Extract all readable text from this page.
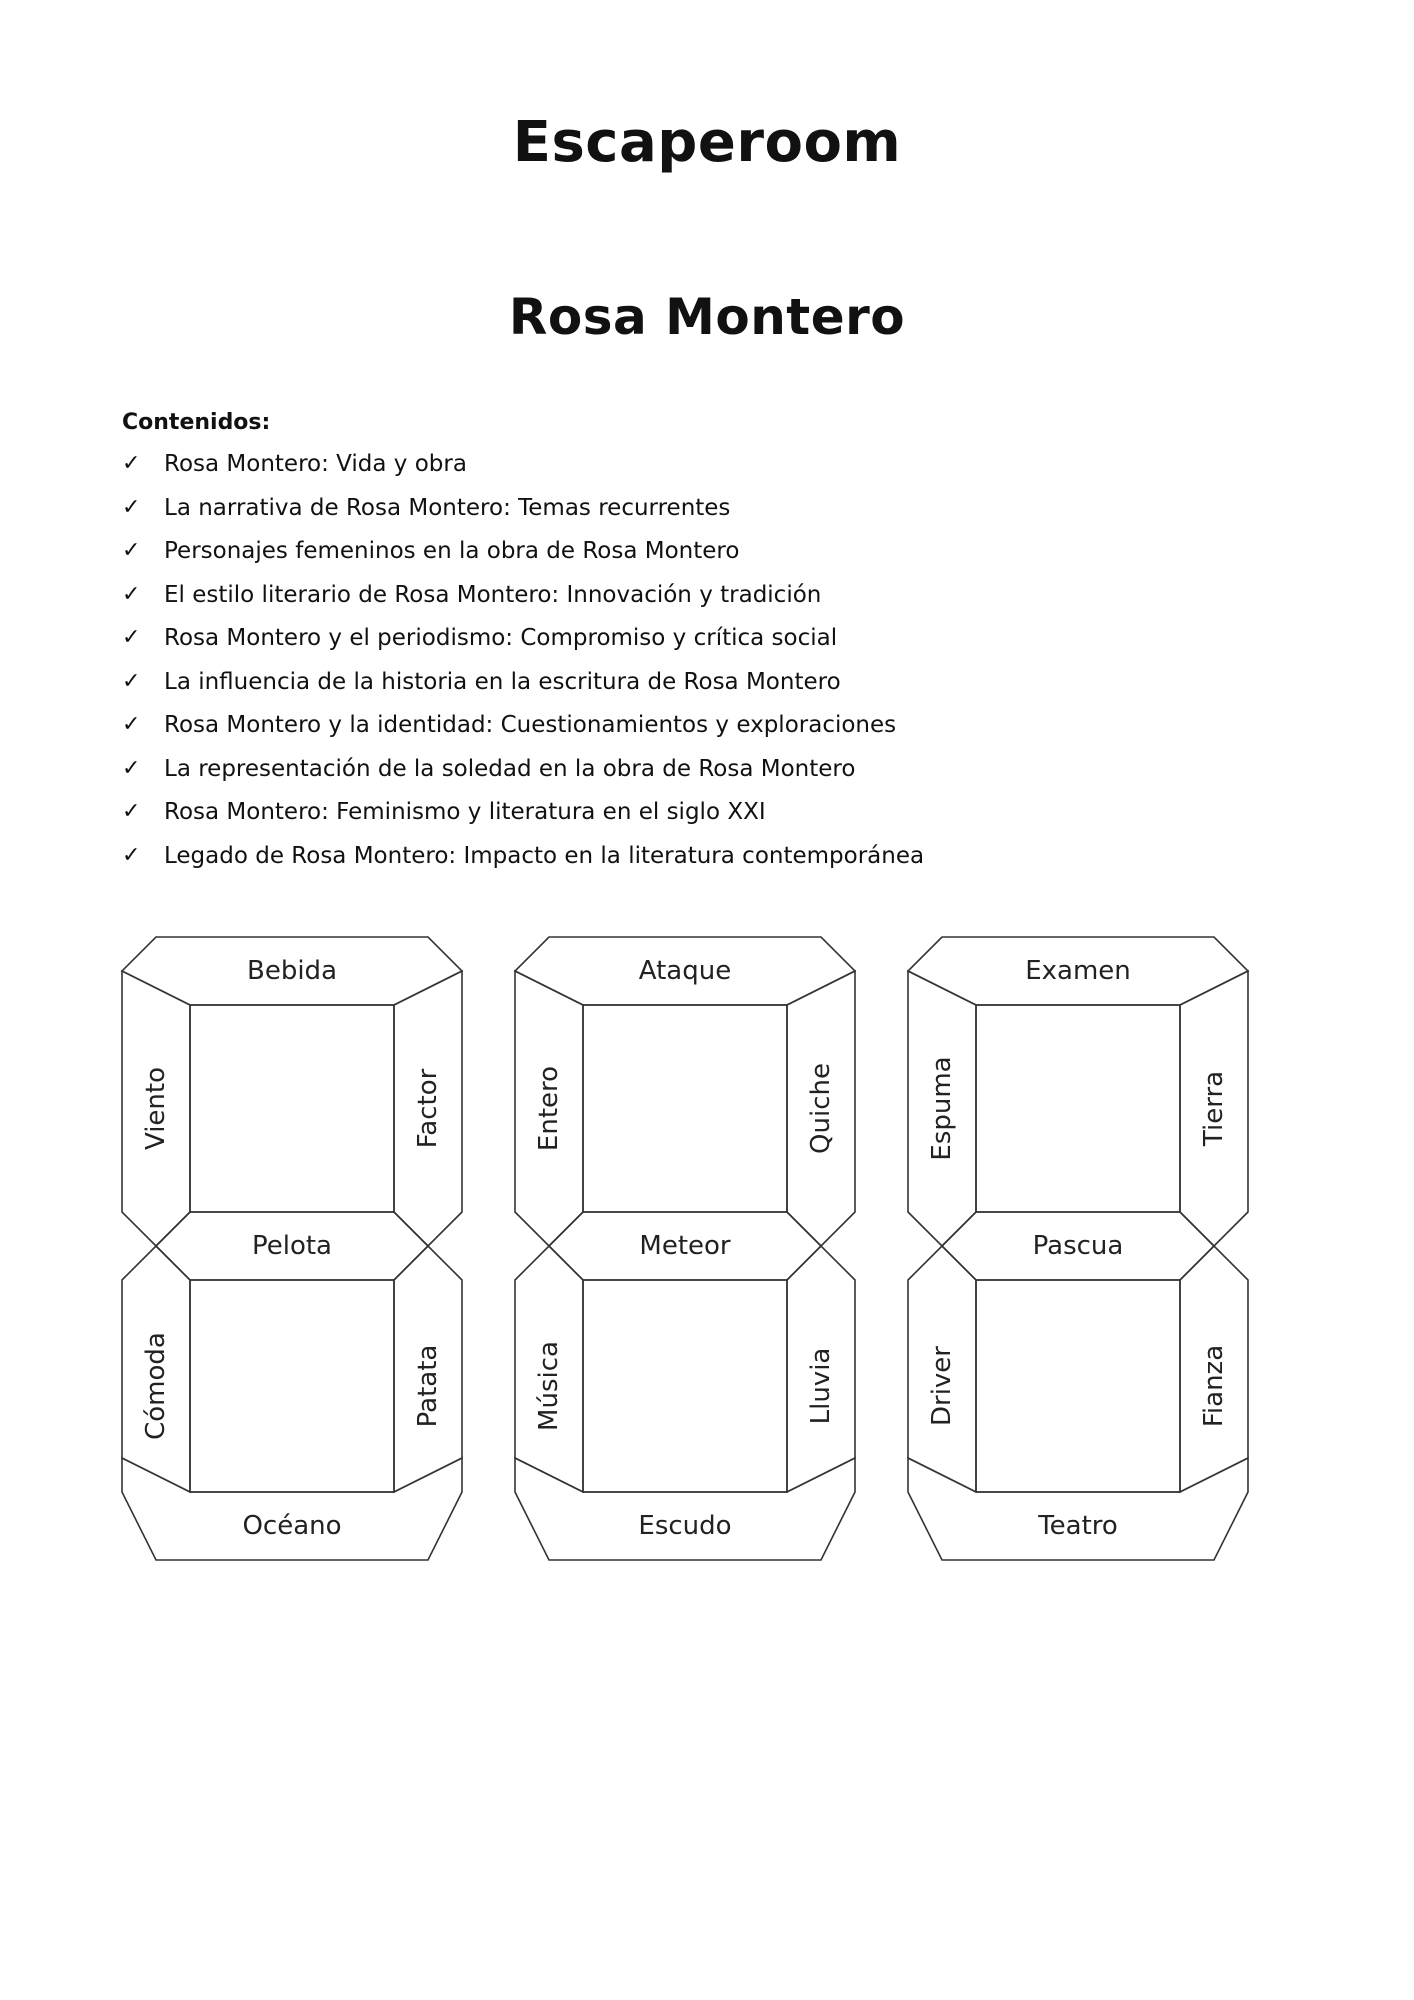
Escaperoom
Rosa Montero
Contenidos:
✓ Rosa Montero: Vida y obra
✓ La narrativa de Rosa Montero: Temas recurrentes
✓ Personajes femeninos en la obra de Rosa Montero
✓ El estilo literario de Rosa Montero: Innovación y tradición
✓ Rosa Montero y el periodismo: Compromiso y crítica social
✓ La influencia de la historia en la escritura de Rosa Montero
✓ Rosa Montero y la identidad: Cuestionamientos y exploraciones
✓ La representación de la soledad en la obra de Rosa Montero
✓ Rosa Montero: Feminismo y literatura en el siglo XXI
✓ Legado de Rosa Montero: Impacto en la literatura contemporánea
Bebida
Viento	Factor
Pelota
Cómoda	Patata
Océano
Ataque
Entero	Quiche
Meteor
Música	Lluvia
Escudo
Examen
Espuma	Tierra
Pascua
Driver	Fianza
Teatro
